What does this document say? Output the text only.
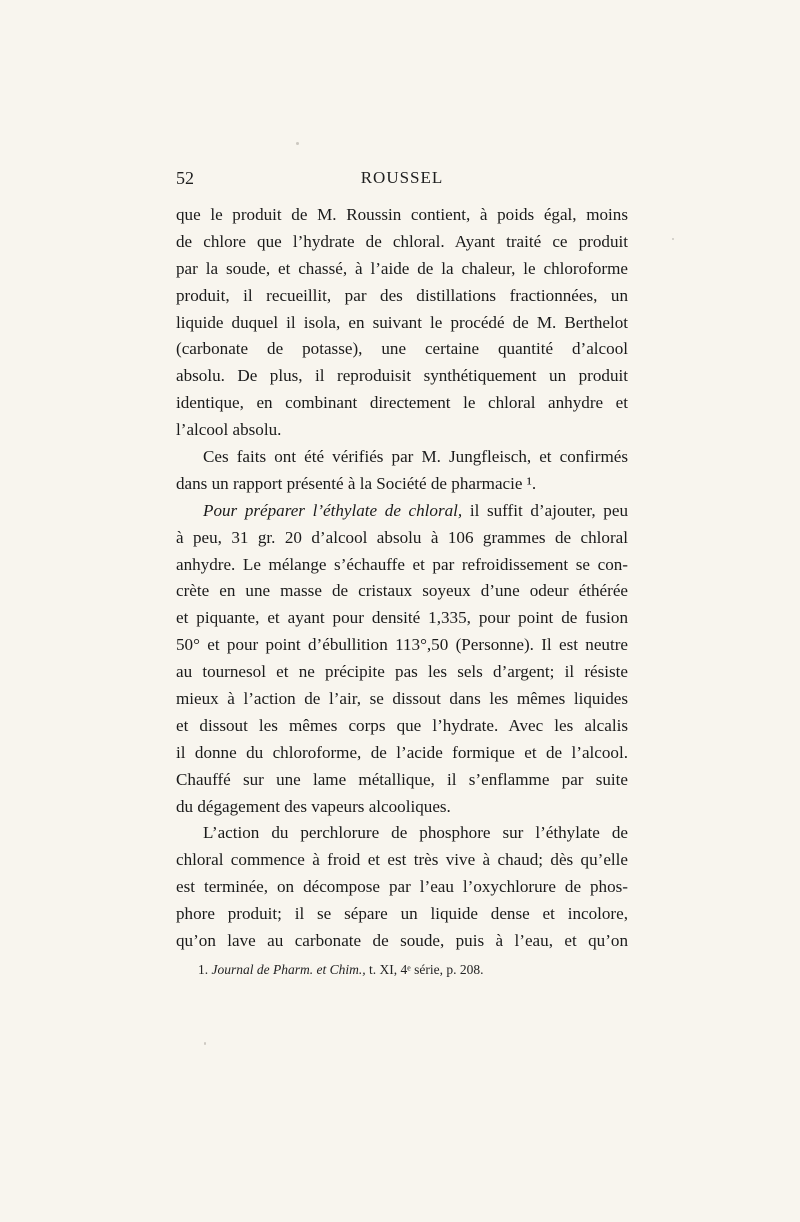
52	ROUSSEL
que le produit de M. Roussin contient, à poids égal, moins
de chlore que l’hydrate de chloral. Ayant traité ce produit
par la soude, et chassé, à l’aide de la chaleur, le chloroforme
produit, il recueillit, par des distillations fractionnées, un
liquide duquel il isola, en suivant le procédé de M. Berthelot
(carbonate de potasse), une certaine quantité d’alcool
absolu. De plus, il reproduisit synthétiquement un produit
identique, en combinant directement le chloral anhydre et
l’alcool absolu.
Ces faits ont été vérifiés par M. Jungfleisch, et confirmés
dans un rapport présenté à la Société de pharmacie ¹.
Pour préparer l’éthylate de chloral, il suffit d’ajouter, peu
à peu, 31 gr. 20 d’alcool absolu à 106 grammes de chloral
anhydre. Le mélange s’échauffe et par refroidissement se con-
crète en une masse de cristaux soyeux d’une odeur éthérée
et piquante, et ayant pour densité 1,335, pour point de fusion
50° et pour point d’ébullition 113°,50 (Personne). Il est neutre
au tournesol et ne précipite pas les sels d’argent; il résiste
mieux à l’action de l’air, se dissout dans les mêmes liquides
et dissout les mêmes corps que l’hydrate. Avec les alcalis
il donne du chloroforme, de l’acide formique et de l’alcool.
Chauffé sur une lame métallique, il s’enflamme par suite
du dégagement des vapeurs alcooliques.
L’action du perchlorure de phosphore sur l’éthylate de
chloral commence à froid et est très vive à chaud; dès qu’elle
est terminée, on décompose par l’eau l’oxychlorure de phos-
phore produit; il se sépare un liquide dense et incolore,
qu’on lave au carbonate de soude, puis à l’eau, et qu’on
1. Journal de Pharm. et Chim., t. XI, 4ᵉ série, p. 208.
